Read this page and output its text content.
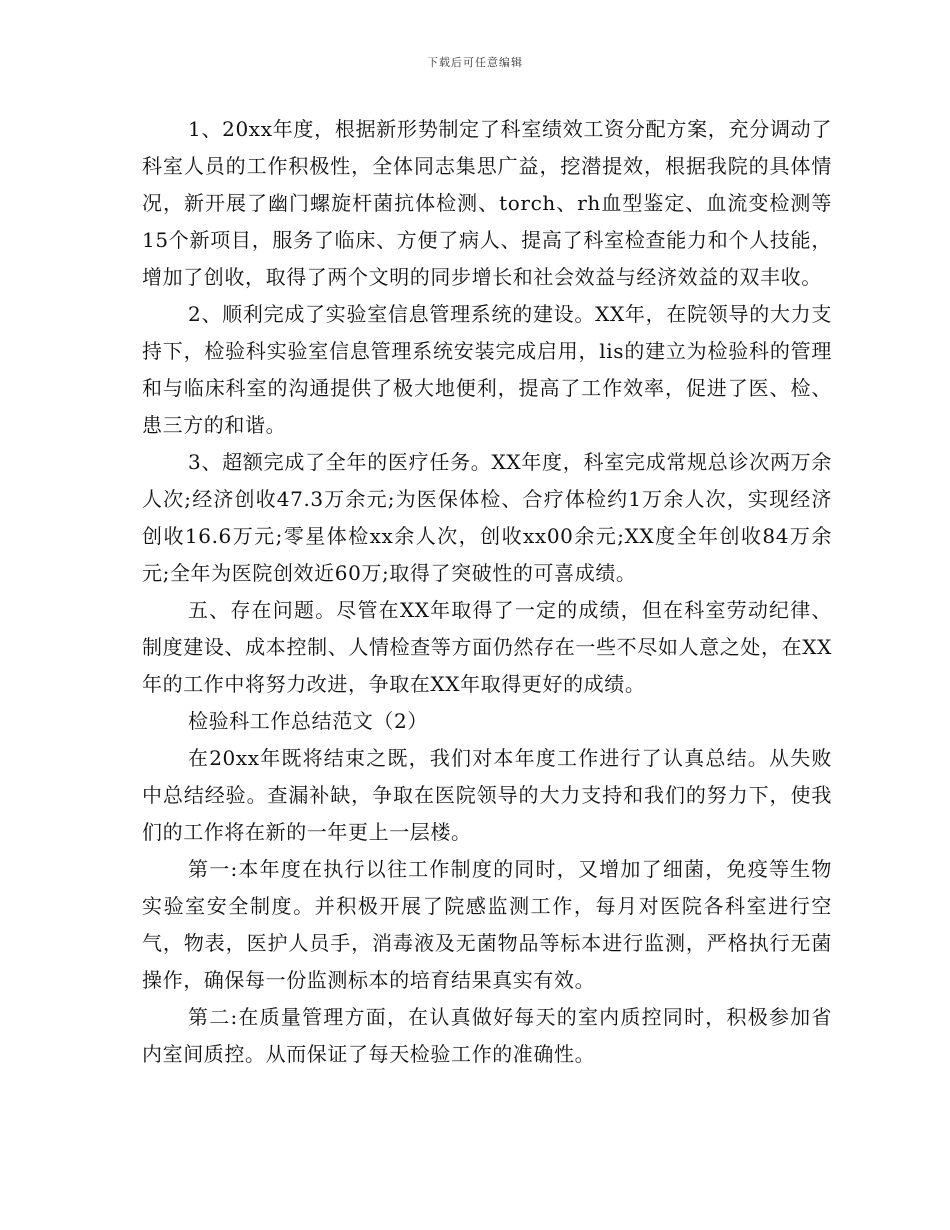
下载后可任意编辑

1、20xx年度，根据新形势制定了科室绩效工资分配方案，充分调动了科室人员的工作积极性，全体同志集思广益，挖潜提效，根据我院的具体情况，新开展了幽门螺旋杆菌抗体检测、torch、rh血型鉴定、血流变检测等15个新项目，服务了临床、方便了病人、提高了科室检查能力和个人技能，增加了创收，取得了两个文明的同步增长和社会效益与经济效益的双丰收。

2、顺利完成了实验室信息管理系统的建设。XX年，在院领导的大力支持下，检验科实验室信息管理系统安装完成启用，lis的建立为检验科的管理和与临床科室的沟通提供了极大地便利，提高了工作效率，促进了医、检、患三方的和谐。

3、超额完成了全年的医疗任务。XX年度，科室完成常规总诊次两万余人次;经济创收47.3万余元;为医保体检、合疗体检约1万余人次，实现经济创收16.6万元;零星体检xx余人次，创收xx00余元;XX度全年创收84万余元;全年为医院创效近60万;取得了突破性的可喜成绩。

五、存在问题。尽管在XX年取得了一定的成绩，但在科室劳动纪律、制度建设、成本控制、人情检查等方面仍然存在一些不尽如人意之处，在XX年的工作中将努力改进，争取在XX年取得更好的成绩。

检验科工作总结范文（2）

在20xx年既将结束之既，我们对本年度工作进行了认真总结。从失败中总结经验。查漏补缺，争取在医院领导的大力支持和我们的努力下，使我们的工作将在新的一年更上一层楼。

第一:本年度在执行以往工作制度的同时，又增加了细菌，免疫等生物实验室安全制度。并积极开展了院感监测工作，每月对医院各科室进行空气，物表，医护人员手，消毒液及无菌物品等标本进行监测，严格执行无菌操作，确保每一份监测标本的培育结果真实有效。

第二:在质量管理方面，在认真做好每天的室内质控同时，积极参加省内室间质控。从而保证了每天检验工作的准确性。
